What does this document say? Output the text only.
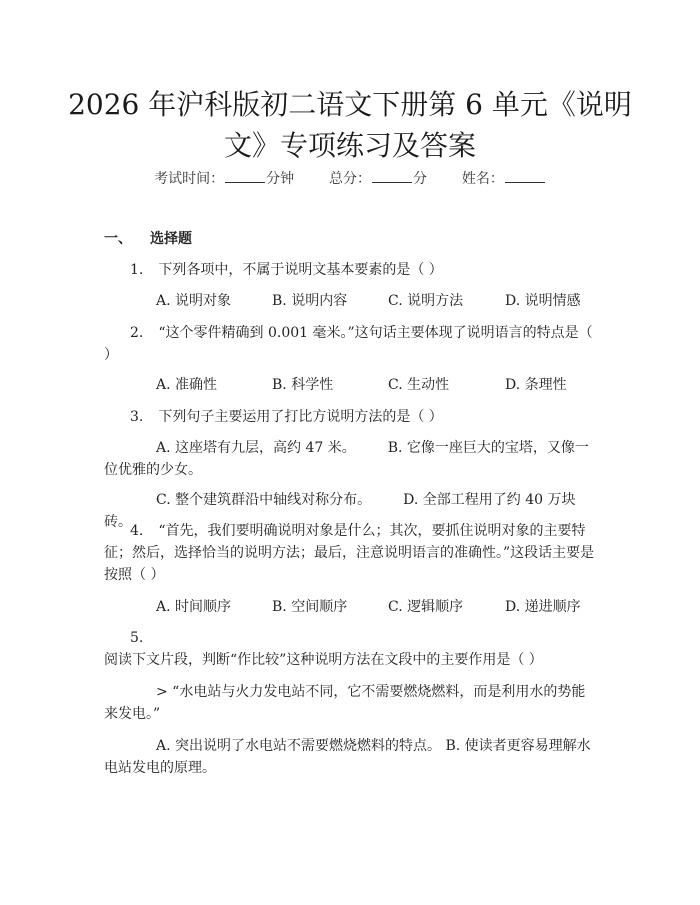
2026 年沪科版初二语文下册第 6 单元《说明文》专项练习及答案
考试时间：	分钟 总分：	分 姓名：
一、 选择题
1. 下列各项中，不属于说明文基本要素的是（ ）
A. 说明对象	B. 说明内容	C. 说明方法	D. 说明情感
2. “这个零件精确到 0.001 毫米。”这句话主要体现了说明语言的特点是（ ）
A. 准确性	B. 科学性	C. 生动性	D. 条理性
3. 下列句子主要运用了打比方说明方法的是（ ）
A. 这座塔有九层，高约 47 米。 B. 它像一座巨大的宝塔，又像一位优雅的少女。
C. 整个建筑群沿中轴线对称分布。 D. 全部工程用了约 40 万块砖。
4. “首先，我们要明确说明对象是什么；其次，要抓住说明对象的主要特征；然后，选择恰当的说明方法；最后，注意说明语言的准确性。”这段话主要是按照（ ）
A. 时间顺序	B. 空间顺序	C. 逻辑顺序	D. 递进顺序
5.阅读下文片段，判断“作比较”这种说明方法在文段中的主要作用是（ ）
> “水电站与火力发电站不同，它不需要燃烧燃料，而是利用水的势能来发电。”
A. 突出说明了水电站不需要燃烧燃料的特点。 B. 使读者更容易理解水电站发电的原理。
